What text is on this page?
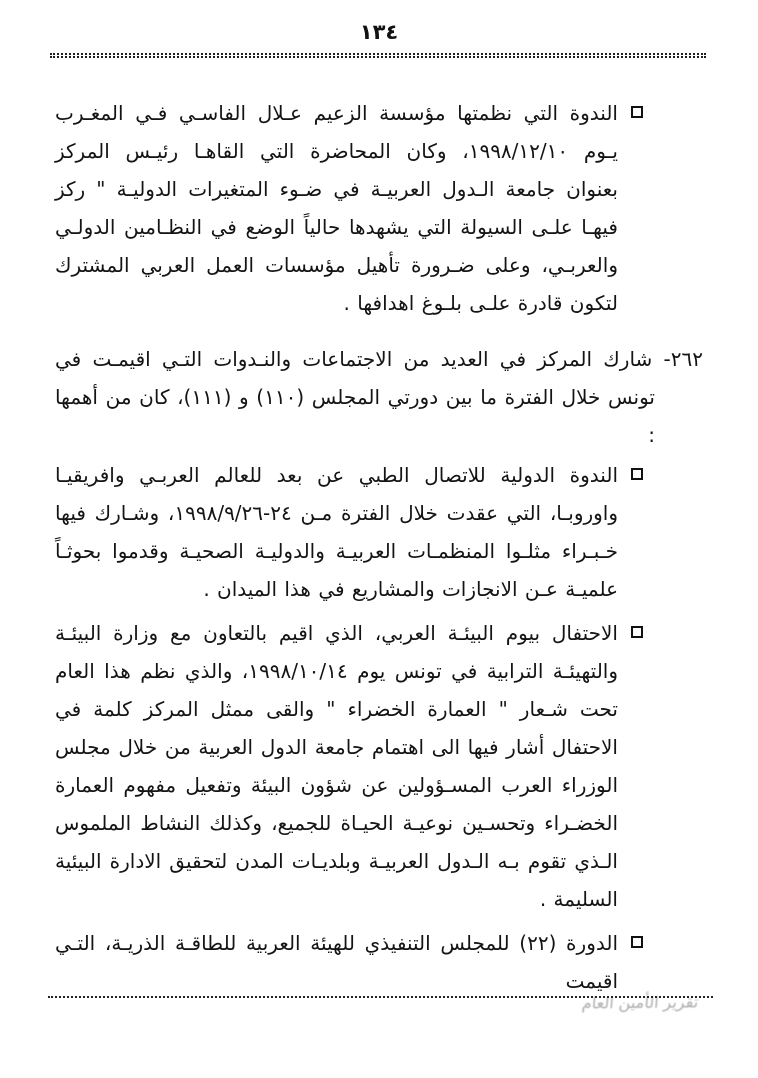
١٣٤
الندوة التي نظمتها مؤسسة الزعيم عـلال الفاسـي فـي المغـرب يـوم ١٩٩٨/١٢/١٠، وكان المحاضرة التي القاهـا رئيـس المركز بعنوان جامعة الـدول العربيـة في ضـوء المتغيرات الدوليـة " ركز فيهـا علـى السيولة التي يشهدها حالياً الوضع في النظـامين الدولـي والعربـي، وعلى ضـرورة تأهيل مؤسسات العمل العربي المشترك لتكون قادرة علـى بلـوغ اهدافها .
٢٦٢- شارك المركز في العديد من الاجتماعات والنـدوات التـي اقيمـت في تونس خلال الفترة ما بين دورتي المجلس (١١٠) و (١١١)، كان من أهمها :
الندوة الدولية للاتصال الطبي عن بعد للعالم العربـي وافريقيـا واوروبـا، التي عقدت خلال الفترة مـن ٢٤-١٩٩٨/٩/٢٦، وشـارك فيها خـبـراء مثلـوا المنظمـات العربيـة والدوليـة الصحيـة وقدموا بحوثـاً علميـة عـن الانجازات والمشاريع في هذا الميدان .
الاحتفال بيوم البيئـة العربي، الذي اقيم بالتعاون مع وزارة البيئـة والتهيئـة الترابية في تونس يوم ١٩٩٨/١٠/١٤، والذي نظم هذا العام تحت شـعار " العمارة الخضراء " والقى ممثل المركز كلمة في الاحتفال أشار فيها الى اهتمام جامعة الدول العربية من خلال مجلس الوزراء العرب المسـؤولين عن شؤون البيئة وتفعيل مفهوم العمارة الخضـراء وتحسـين نوعيـة الحيـاة للجميع، وكذلك النشاط الملموس الـذي تقوم بـه الـدول العربيـة وبلديـات المدن لتحقيق الادارة البيئية السليمة .
الدورة (٢٢) للمجلس التنفيذي للهيئة العربية للطاقـة الذريـة، التـي اقيمت
تقرير الأمين العام
